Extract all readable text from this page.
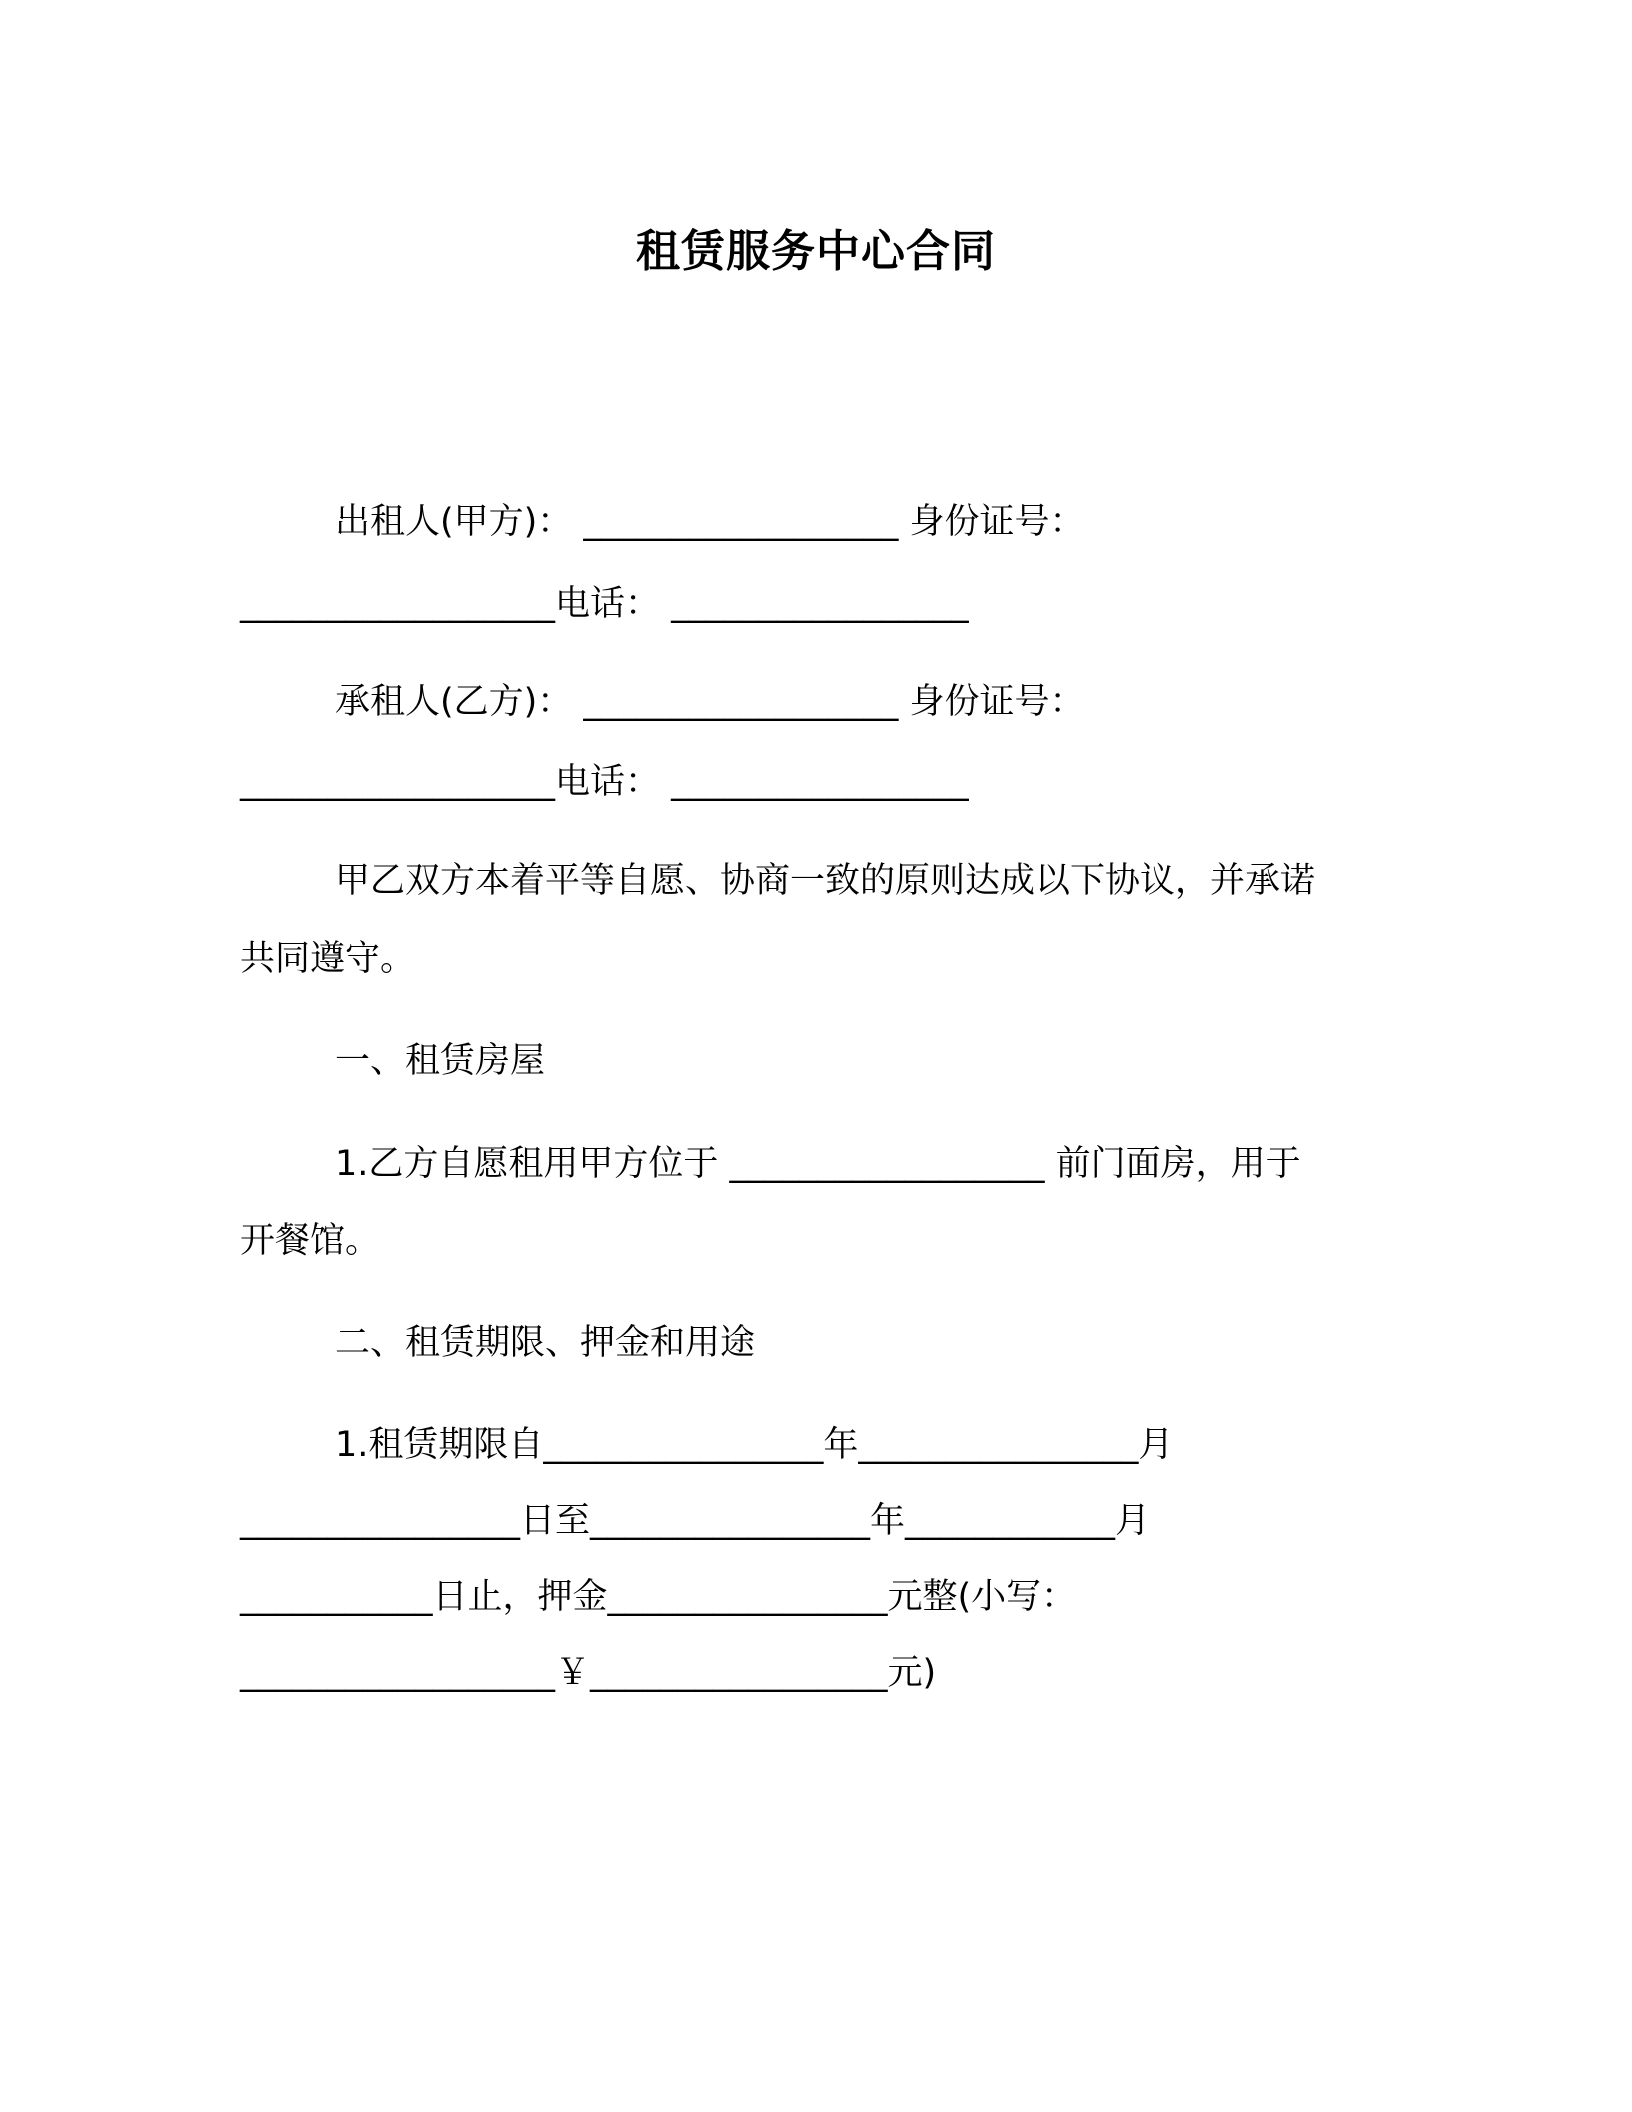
租赁服务中心合同
出租人(甲方)： __________________ 身份证号：
__________________电话： _________________
承租人(乙方)： __________________ 身份证号：
__________________电话： _________________
甲乙双方本着平等自愿、协商一致的原则达成以下协议，并承诺
共同遵守。
一、租赁房屋
1.乙方自愿租用甲方位于 __________________ 前门面房，用于
开餐馆。
二、租赁期限、押金和用途
1.租赁期限自________________年________________月
________________日至________________年____________月
___________日止，押金________________元整(小写：
__________________￥_________________元)
